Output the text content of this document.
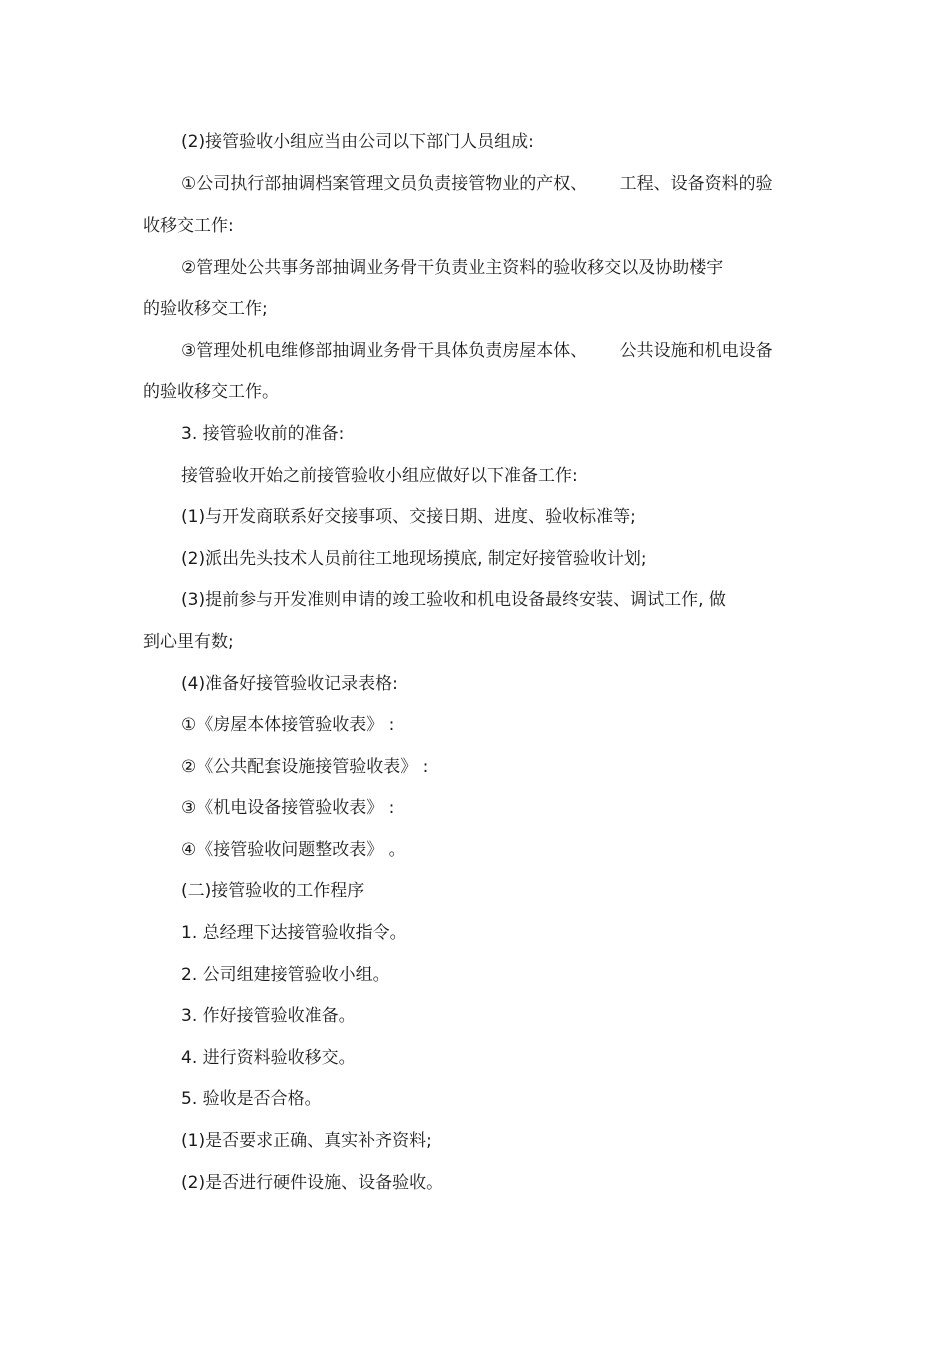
(2)接管验收小组应当由公司以下部门人员组成:
①公司执行部抽调档案管理文员负责接管物业的产权、      工程、设备资料的验
收移交工作:
②管理处公共事务部抽调业务骨干负责业主资料的验收移交以及协助楼宇
的验收移交工作;
③管理处机电维修部抽调业务骨干具体负责房屋本体、      公共设施和机电设备
的验收移交工作。
3. 接管验收前的准备:
接管验收开始之前接管验收小组应做好以下准备工作:
(1)与开发商联系好交接事项、交接日期、进度、验收标准等;
(2)派出先头技术人员前往工地现场摸底, 制定好接管验收计划;
(3)提前参与开发准则申请的竣工验收和机电设备最终安装、调试工作, 做
到心里有数;
(4)准备好接管验收记录表格:
①《房屋本体接管验收表》 :
②《公共配套设施接管验收表》 :
③《机电设备接管验收表》 :
④《接管验收问题整改表》 。
(二)接管验收的工作程序
1. 总经理下达接管验收指令。
2. 公司组建接管验收小组。
3. 作好接管验收准备。
4. 进行资料验收移交。
5. 验收是否合格。
(1)是否要求正确、真实补齐资料;
(2)是否进行硬件设施、设备验收。
